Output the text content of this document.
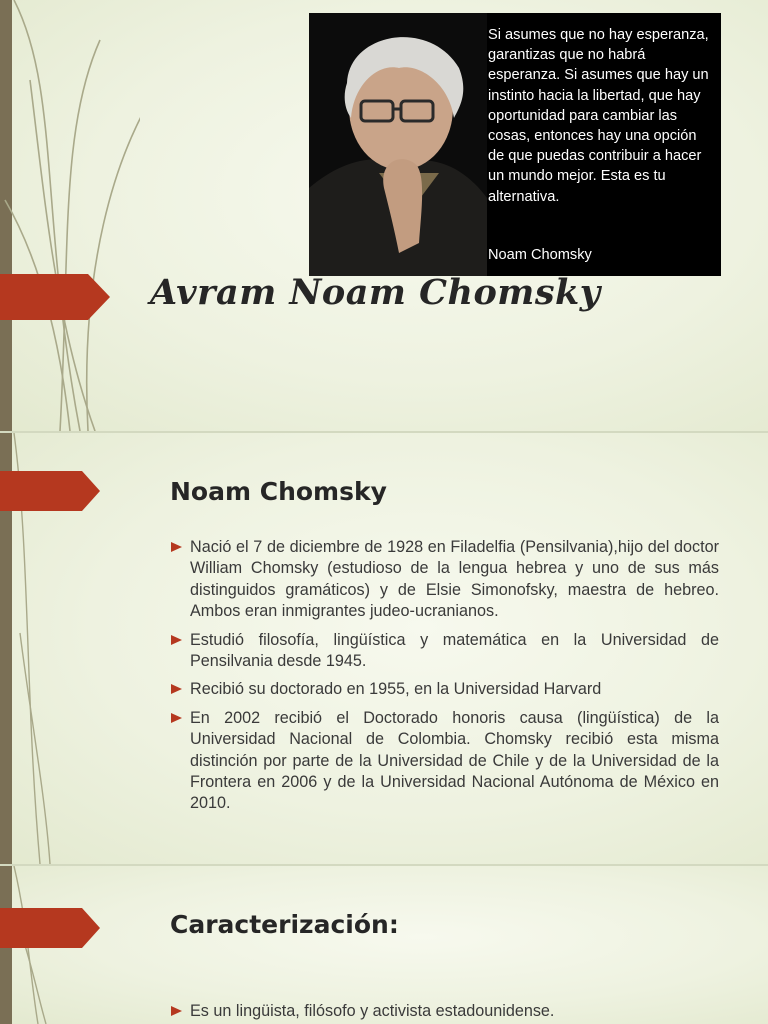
Si asumes que no hay esperanza, garantizas que no habrá esperanza. Si asumes que hay un instinto hacia la libertad, que hay oportunidad para cambiar las cosas, entonces hay una opción de que puedas contribuir a hacer un mundo mejor. Esta es tu alternativa.
Noam Chomsky
Avram Noam Chomsky
Noam Chomsky
Nació el 7 de diciembre de 1928 en Filadelfia (Pensilvania),hijo del doctor William Chomsky (estudioso de la lengua hebrea y uno de sus más distinguidos gramáticos) y de Elsie Simonofsky, maestra de hebreo. Ambos eran inmigrantes judeo-ucranianos.
Estudió filosofía, lingüística y matemática en la Universidad de Pensilvania desde 1945.
Recibió su doctorado en 1955, en la Universidad Harvard
En 2002 recibió el Doctorado honoris causa (lingüística) de la Universidad Nacional de Colombia. Chomsky recibió esta misma distinción por parte de la Universidad de Chile y de la Universidad de la Frontera en 2006 y de la Universidad Nacional Autónoma de México en 2010.
Caracterización:
Es un lingüista, filósofo y activista estadounidense.
